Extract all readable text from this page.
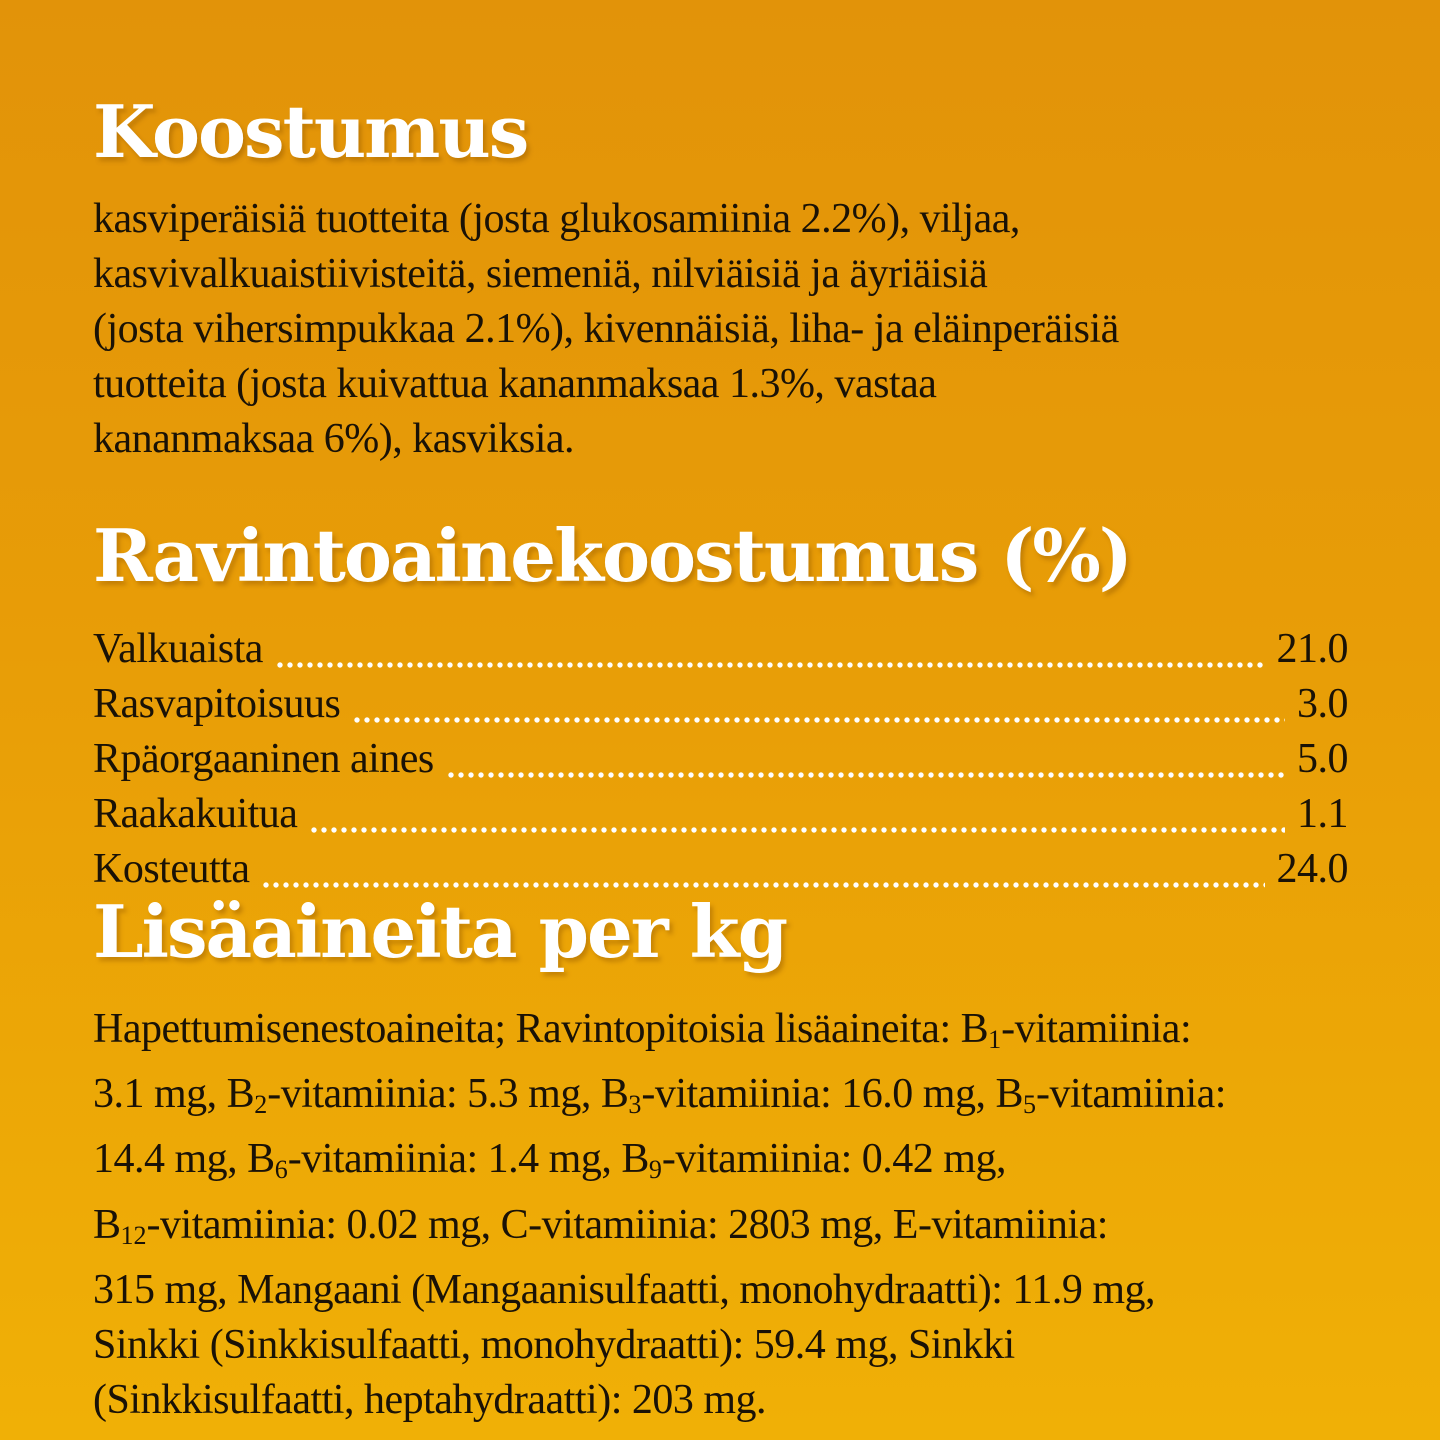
Koostumus
kasviperäisiä tuotteita (josta glukosamiinia 2.2%), viljaa,
kasvivalkuaistiivisteitä, siemeniä, nilviäisiä ja äyriäisiä
(josta vihersimpukkaa 2.1%), kivennäisiä, liha- ja eläinperäisiä
tuotteita (josta kuivattua kananmaksaa 1.3%, vastaa
kananmaksaa 6%), kasviksia.
Ravintoainekoostumus (%)
Valkuaista	21.0
Rasvapitoisuus	3.0
Rpäorgaaninen aines	5.0
Raakakuitua	1.1
Kosteutta	24.0
Lisäaineita per kg
Hapettumisenestoaineita; Ravintopitoisia lisäaineita: $B_1$-vitamiinia:
3.1 mg, $B_2$-vitamiinia: 5.3 mg, $B_3$-vitamiinia: 16.0 mg, $B_5$-vitamiinia:
14.4 mg, $B_6$-vitamiinia: 1.4 mg, $B_9$-vitamiinia: 0.42 mg,
$B_{12}$-vitamiinia: 0.02 mg, C-vitamiinia: 2803 mg, E-vitamiinia:
315 mg, Mangaani (Mangaanisulfaatti, monohydraatti): 11.9 mg,
Sinkki (Sinkkisulfaatti, monohydraatti): 59.4 mg, Sinkki
(Sinkkisulfaatti, heptahydraatti): 203 mg.
